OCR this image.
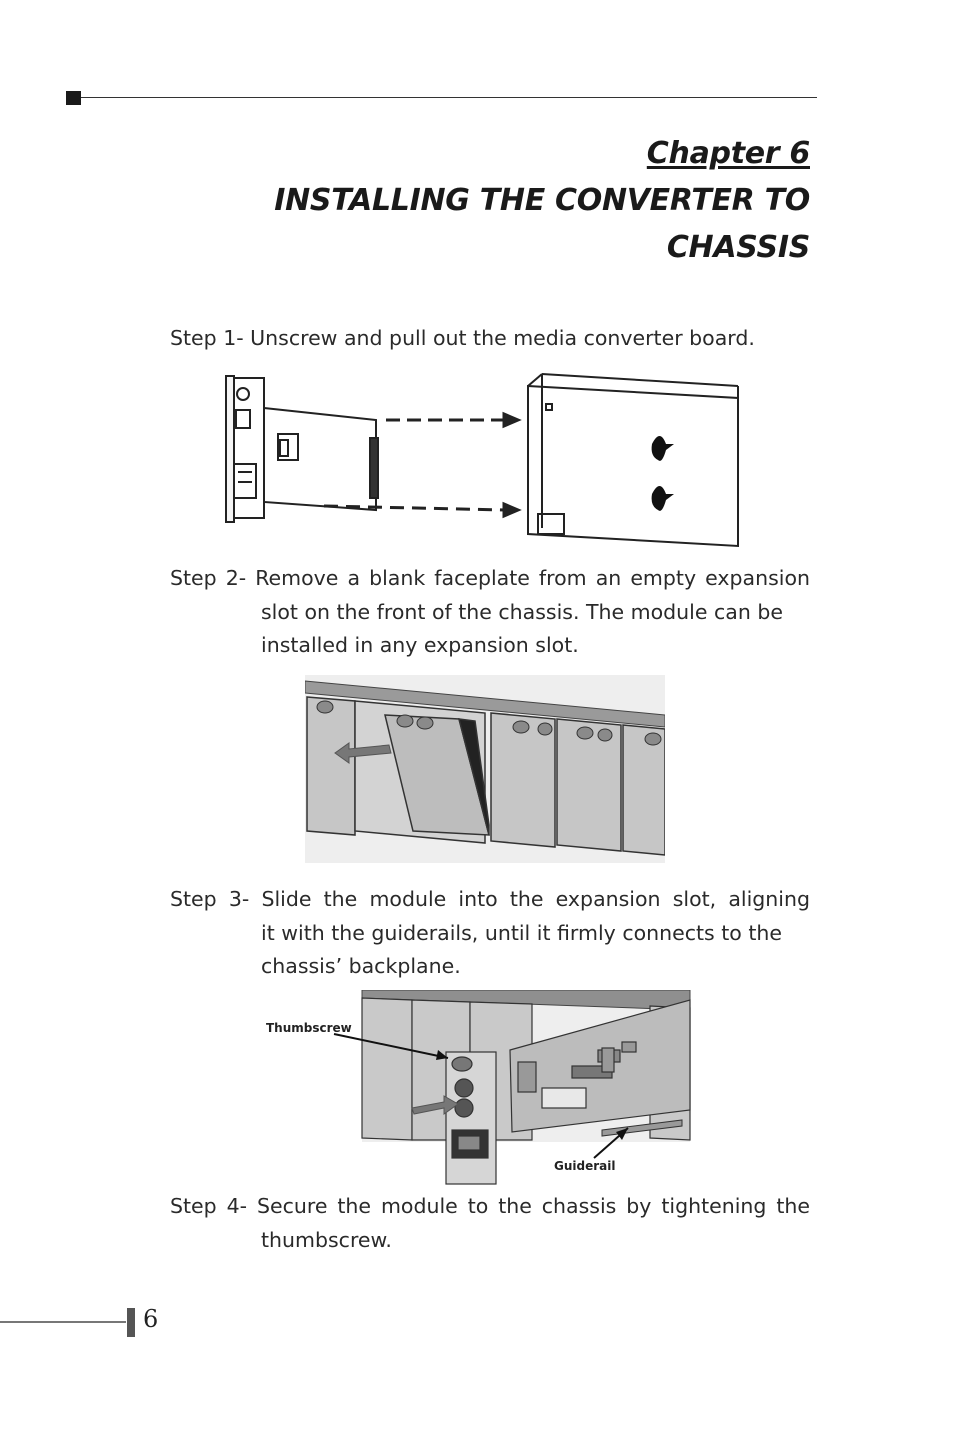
Chapter 6
INSTALLING THE CONVERTER TO
CHASSIS
Step 1- Unscrew and pull out the media converter board.
Step 2- Remove a blank faceplate from an empty expansion
slot on the front of the chassis. The module can be
installed in any expansion slot.
Step 3- Slide the module into the expansion slot, aligning
it with the guiderails, until it firmly connects to the
chassis’ backplane.
Thumbscrew
Guiderail
Step 4- Secure the module to the chassis by tightening the
thumbscrew.
6
